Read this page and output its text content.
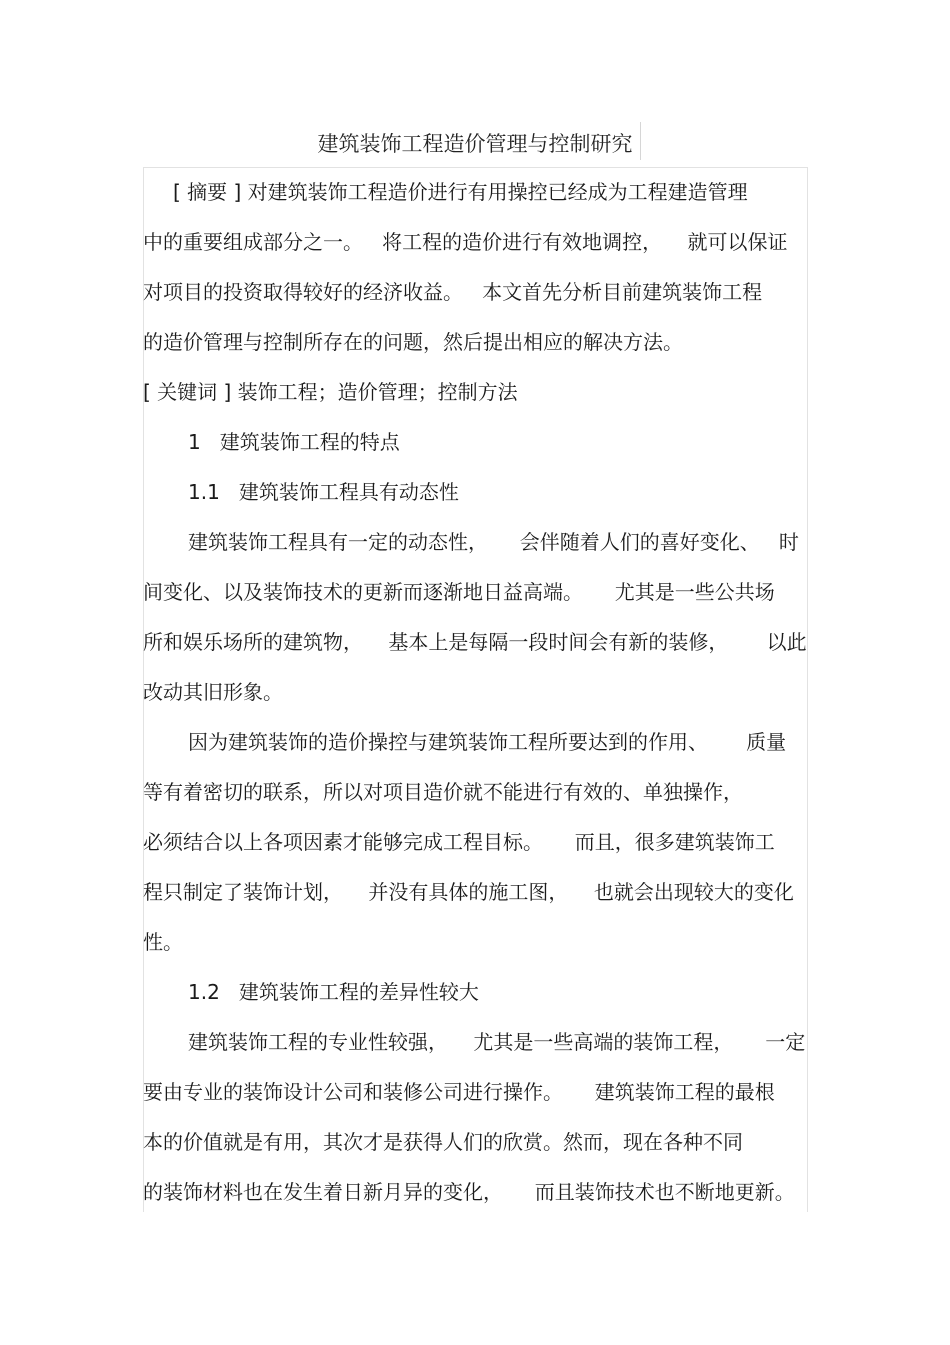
建筑装饰工程造价管理与控制研究
[ 摘要 ] 对建筑装饰工程造价进行有用操控已经成为工程建造管理
中的重要组成部分之一。   将工程的造价进行有效地调控，    就可以保证
对项目的投资取得较好的经济收益。   本文首先分析目前建筑装饰工程
的造价管理与控制所存在的问题，然后提出相应的解决方法。
[ 关键词 ] 装饰工程；造价管理；控制方法
1   建筑装饰工程的特点
1.1   建筑装饰工程具有动态性
建筑装饰工程具有一定的动态性，     会伴随着人们的喜好变化、   时
间变化、以及装饰技术的更新而逐渐地日益高端。     尤其是一些公共场
所和娱乐场所的建筑物，    基本上是每隔一段时间会有新的装修，      以此
改动其旧形象。
因为建筑装饰的造价操控与建筑装饰工程所要达到的作用、      质量
等有着密切的联系，所以对项目造价就不能进行有效的、单独操作，
必须结合以上各项因素才能够完成工程目标。     而且，很多建筑装饰工
程只制定了装饰计划，    并没有具体的施工图，    也就会出现较大的变化
性。
1.2   建筑装饰工程的差异性较大
建筑装饰工程的专业性较强，    尤其是一些高端的装饰工程，     一定
要由专业的装饰设计公司和装修公司进行操作。     建筑装饰工程的最根
本的价值就是有用，其次才是获得人们的欣赏。然而，现在各种不同
的装饰材料也在发生着日新月异的变化，     而且装饰技术也不断地更新。
